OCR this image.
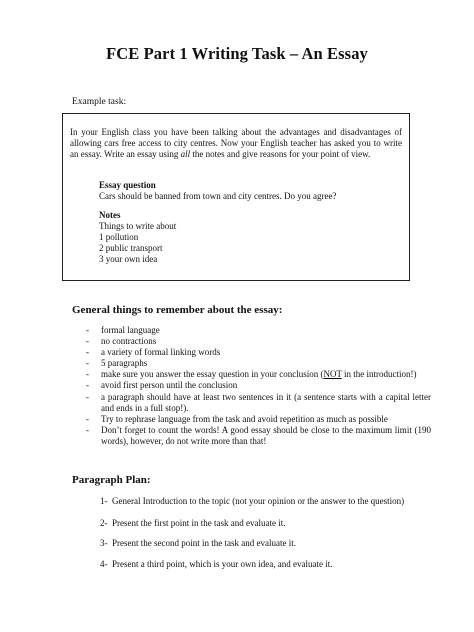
FCE Part 1 Writing Task – An Essay
Example task:
In your English class you have been talking about the advantages and disadvantages of allowing cars free access to city centres. Now your English teacher has asked you to write an essay. Write an essay using all the notes and give reasons for your point of view.
Essay question
Cars should be banned from town and city centres. Do you agree?
Notes
Things to write about
1 pollution
2 public transport
3 your own idea
General things to remember about the essay:
- formal language
- no contractions
- a variety of formal linking words
- 5 paragraphs
- make sure you answer the essay question in your conclusion (NOT in the introduction!)
- avoid first person until the conclusion
- a paragraph should have at least two sentences in it (a sentence starts with a capital letter and ends in a full stop!).
- Try to rephrase language from the task and avoid repetition as much as possible
- Don’t forget to count the words! A good essay should be close to the maximum limit (190 words), however, do not write more than that!
Paragraph Plan:
1- General Introduction to the topic (not your opinion or the answer to the question)
2- Present the first point in the task and evaluate it.
3- Present the second point in the task and evaluate it.
4- Present a third point, which is your own idea, and evaluate it.
